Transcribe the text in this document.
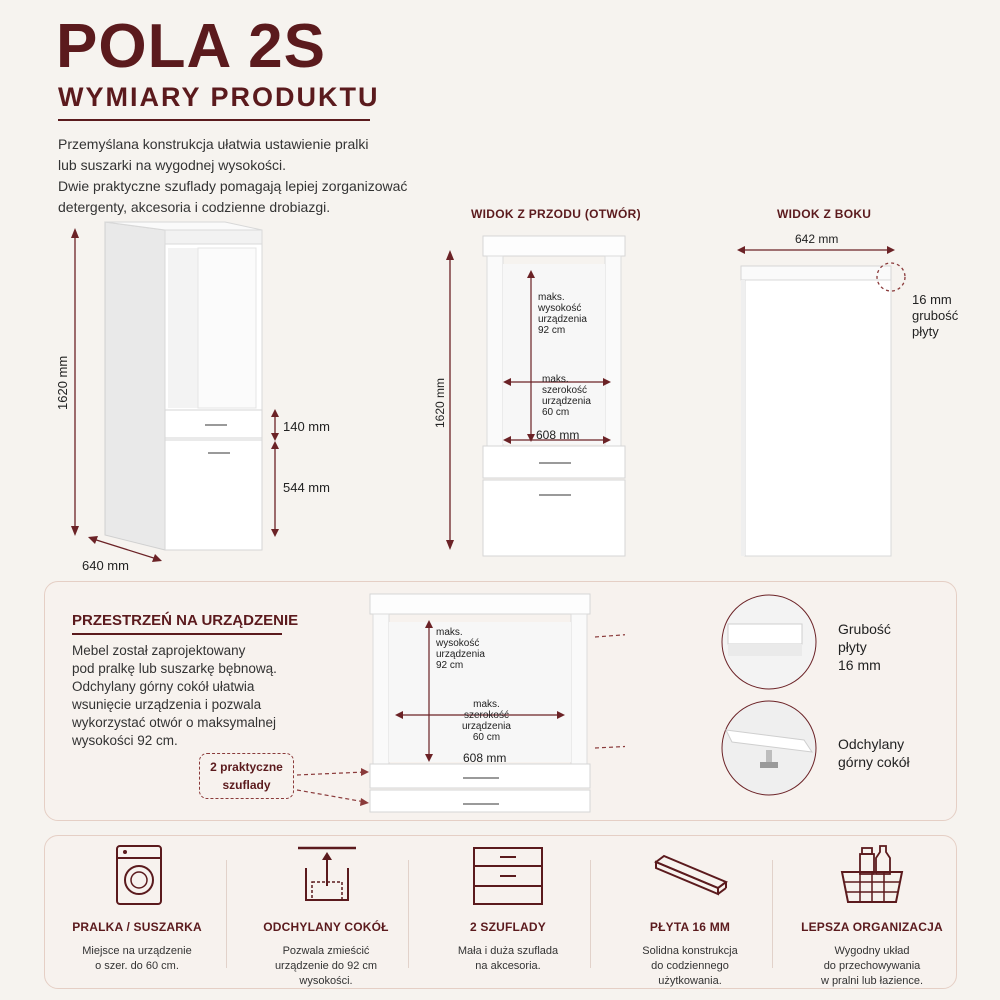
POLA 2S
WYMIARY PRODUKTU
Przemyślana konstrukcja ułatwia ustawienie pralki
lub suszarki na wygodnej wysokości.
Dwie praktyczne szuflady pomagają lepiej zorganizować
detergenty, akcesoria i codzienne drobiazgi.
1620 mm
640 mm
140 mm
544 mm
WIDOK Z PRZODU (OTWÓR)
1620 mm
maks.
wysokość
urządzenia
92 cm
maks.
szerokość
urządzenia
60 cm
608 mm
WIDOK Z BOKU
642 mm
16 mm
grubość
płyty
PRZESTRZEŃ NA URZĄDZENIE
Mebel został zaprojektowany
pod pralkę lub suszarkę bębnową.
Odchylany górny cokół ułatwia
wsunięcie urządzenia i pozwala
wykorzystać otwór o maksymalnej
wysokości 92 cm.
2 praktyczne
szuflady
maks.
wysokość
urządzenia
92 cm
maks.
szerokość
urządzenia
60 cm
608 mm
Grubość
płyty
16 mm
Odchylany
górny cokół
PRALKA / SUSZARKA
Miejsce na urządzenie
o szer. do 60 cm.
ODCHYLANY COKÓŁ
Pozwala zmieścić
urządzenie do 92 cm
wysokości.
2 SZUFLADY
Mała i duża szuflada
na akcesoria.
PŁYTA 16 MM
Solidna konstrukcja
do codziennego
użytkowania.
LEPSZA ORGANIZACJA
Wygodny układ
do przechowywania
w pralni lub łazience.
